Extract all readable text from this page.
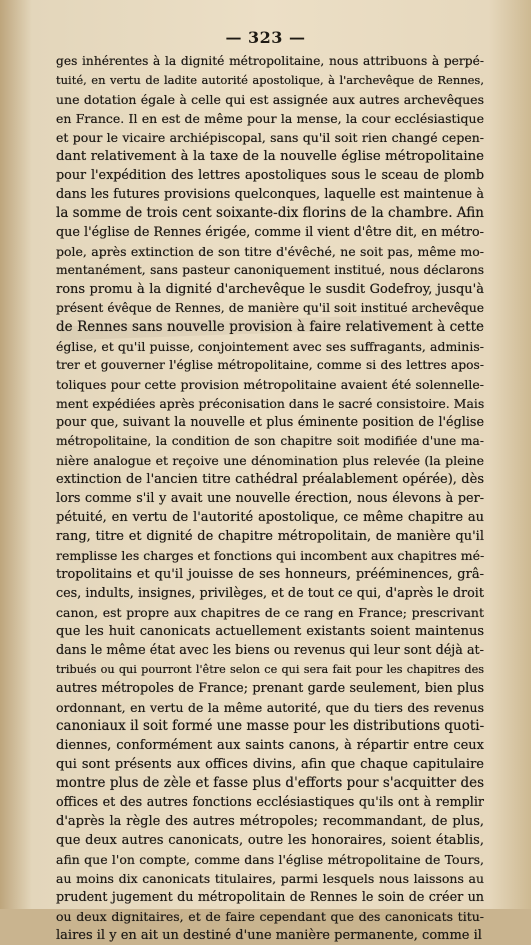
— 323 —
ges inhérentes à la dignité métropolitaine, nous attribuons à perpé-
tuité, en vertu de ladite autorité apostolique, à l'archevêque de Rennes,
une dotation égale à celle qui est assignée aux autres archevêques
en France. Il en est de même pour la mense, la cour ecclésiastique
et pour le vicaire archiépiscopal, sans qu'il soit rien changé cepen-
dant relativement à la taxe de la nouvelle église métropolitaine
pour l'expédition des lettres apostoliques sous le sceau de plomb
dans les futures provisions quelconques, laquelle est maintenue à
la somme de trois cent soixante-dix florins de la chambre. Afin
que l'église de Rennes érigée, comme il vient d'être dit, en métro-
pole, après extinction de son titre d'évêché, ne soit pas, même mo-
mentanément, sans pasteur canoniquement institué, nous déclarons
rons promu à la dignité d'archevêque le susdit Godefroy, jusqu'à
présent évêque de Rennes, de manière qu'il soit institué archevêque
de Rennes sans nouvelle provision à faire relativement à cette
église, et qu'il puisse, conjointement avec ses suffragants, adminis-
trer et gouverner l'église métropolitaine, comme si des lettres apos-
toliques pour cette provision métropolitaine avaient été solennelle-
ment expédiées après préconisation dans le sacré consistoire. Mais
pour que, suivant la nouvelle et plus éminente position de l'église
métropolitaine, la condition de son chapitre soit modifiée d'une ma-
nière analogue et reçoive une dénomination plus relevée (la pleine
extinction de l'ancien titre cathédral préalablement opérée), dès
lors comme s'il y avait une nouvelle érection, nous élevons à per-
pétuité, en vertu de l'autorité apostolique, ce même chapitre au
rang, titre et dignité de chapitre métropolitain, de manière qu'il
remplisse les charges et fonctions qui incombent aux chapitres mé-
tropolitains et qu'il jouisse de ses honneurs, prééminences, grâ-
ces, indults, insignes, privilèges, et de tout ce qui, d'après le droit
canon, est propre aux chapitres de ce rang en France; prescrivant
que les huit canonicats actuellement existants soient maintenus
dans le même état avec les biens ou revenus qui leur sont déjà at-
tribués ou qui pourront l'être selon ce qui sera fait pour les chapitres des
autres métropoles de France; prenant garde seulement, bien plus
ordonnant, en vertu de la même autorité, que du tiers des revenus
canoniaux il soit formé une masse pour les distributions quoti-
diennes, conformément aux saints canons, à répartir entre ceux
qui sont présents aux offices divins, afin que chaque capitulaire
montre plus de zèle et fasse plus d'efforts pour s'acquitter des
offices et des autres fonctions ecclésiastiques qu'ils ont à remplir
d'après la règle des autres métropoles; recommandant, de plus,
que deux autres canonicats, outre les honoraires, soient établis,
afin que l'on compte, comme dans l'église métropolitaine de Tours,
au moins dix canonicats titulaires, parmi lesquels nous laissons au
prudent jugement du métropolitain de Rennes le soin de créer un
ou deux dignitaires, et de faire cependant que des canonicats titu-
laires il y en ait un destiné d'une manière permanente, comme il
